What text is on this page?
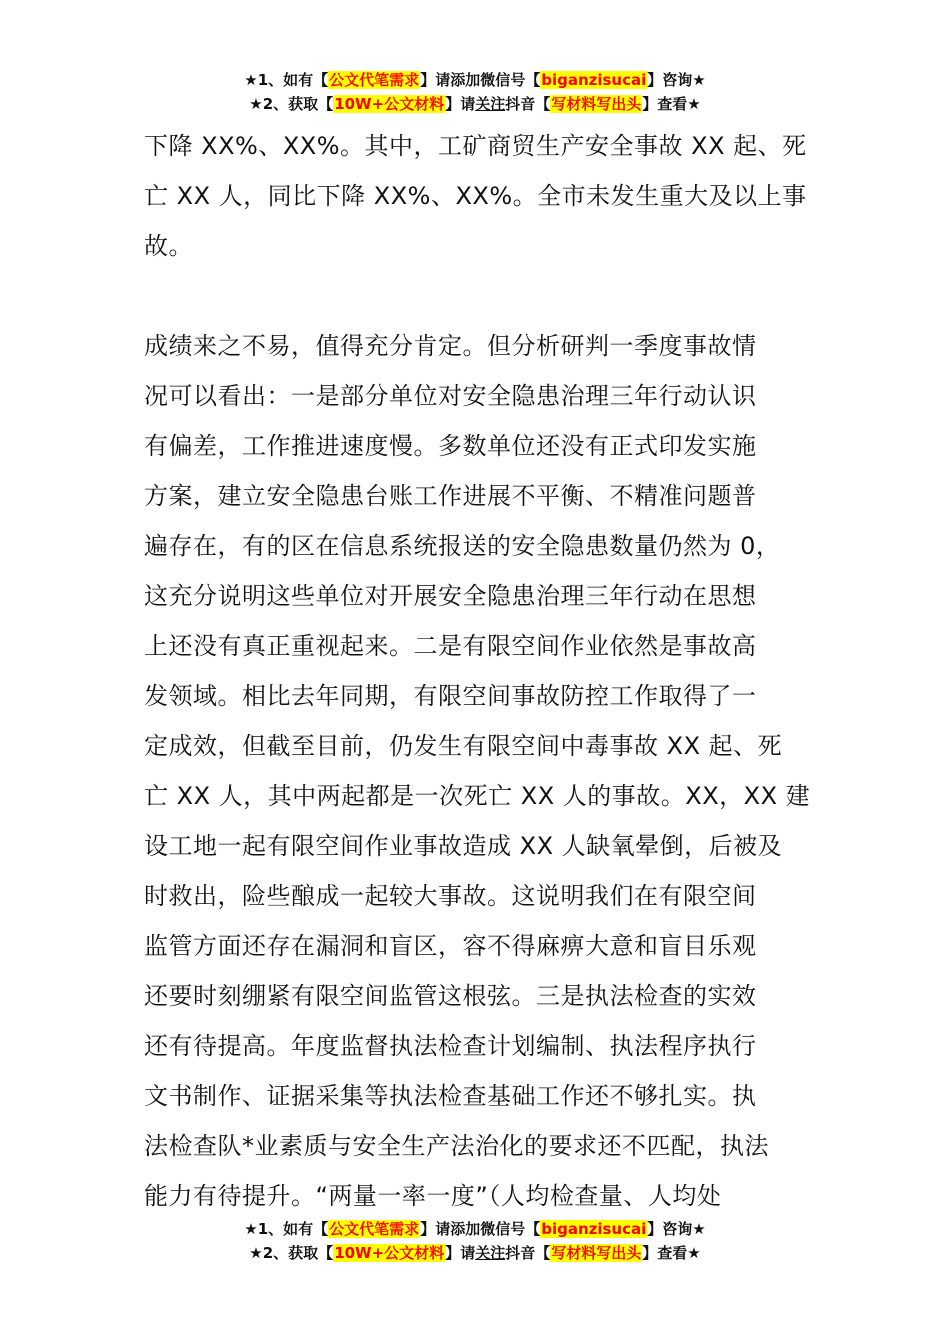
★1、如有【公文代笔需求】请添加微信号【biganzisucai】咨询★
★2、获取【10W+公文材料】请关注抖音【写材料写出头】查看★
下降 XX%、XX%。其中，工矿商贸生产安全事故 XX 起、死
亡 XX 人，同比下降 XX%、XX%。全市未发生重大及以上事
故。
成绩来之不易，值得充分肯定。但分析研判一季度事故情
况可以看出：一是部分单位对安全隐患治理三年行动认识
有偏差，工作推进速度慢。多数单位还没有正式印发实施
方案，建立安全隐患台账工作进展不平衡、不精准问题普
遍存在，有的区在信息系统报送的安全隐患数量仍然为 0，
这充分说明这些单位对开展安全隐患治理三年行动在思想
上还没有真正重视起来。二是有限空间作业依然是事故高
发领域。相比去年同期，有限空间事故防控工作取得了一
定成效，但截至目前，仍发生有限空间中毒事故 XX 起、死
亡 XX 人，其中两起都是一次死亡 XX 人的事故。XX，XX 建
设工地一起有限空间作业事故造成 XX 人缺氧晕倒，后被及
时救出，险些酿成一起较大事故。这说明我们在有限空间
监管方面还存在漏洞和盲区，容不得麻痹大意和盲目乐观
还要时刻绷紧有限空间监管这根弦。三是执法检查的实效
还有待提高。年度监督执法检查计划编制、执法程序执行
文书制作、证据采集等执法检查基础工作还不够扎实。执
法检查队*业素质与安全生产法治化的要求还不匹配，执法
能力有待提升。“两量一率一度”（人均检查量、人均处
★1、如有【公文代笔需求】请添加微信号【biganzisucai】咨询★
★2、获取【10W+公文材料】请关注抖音【写材料写出头】查看★
